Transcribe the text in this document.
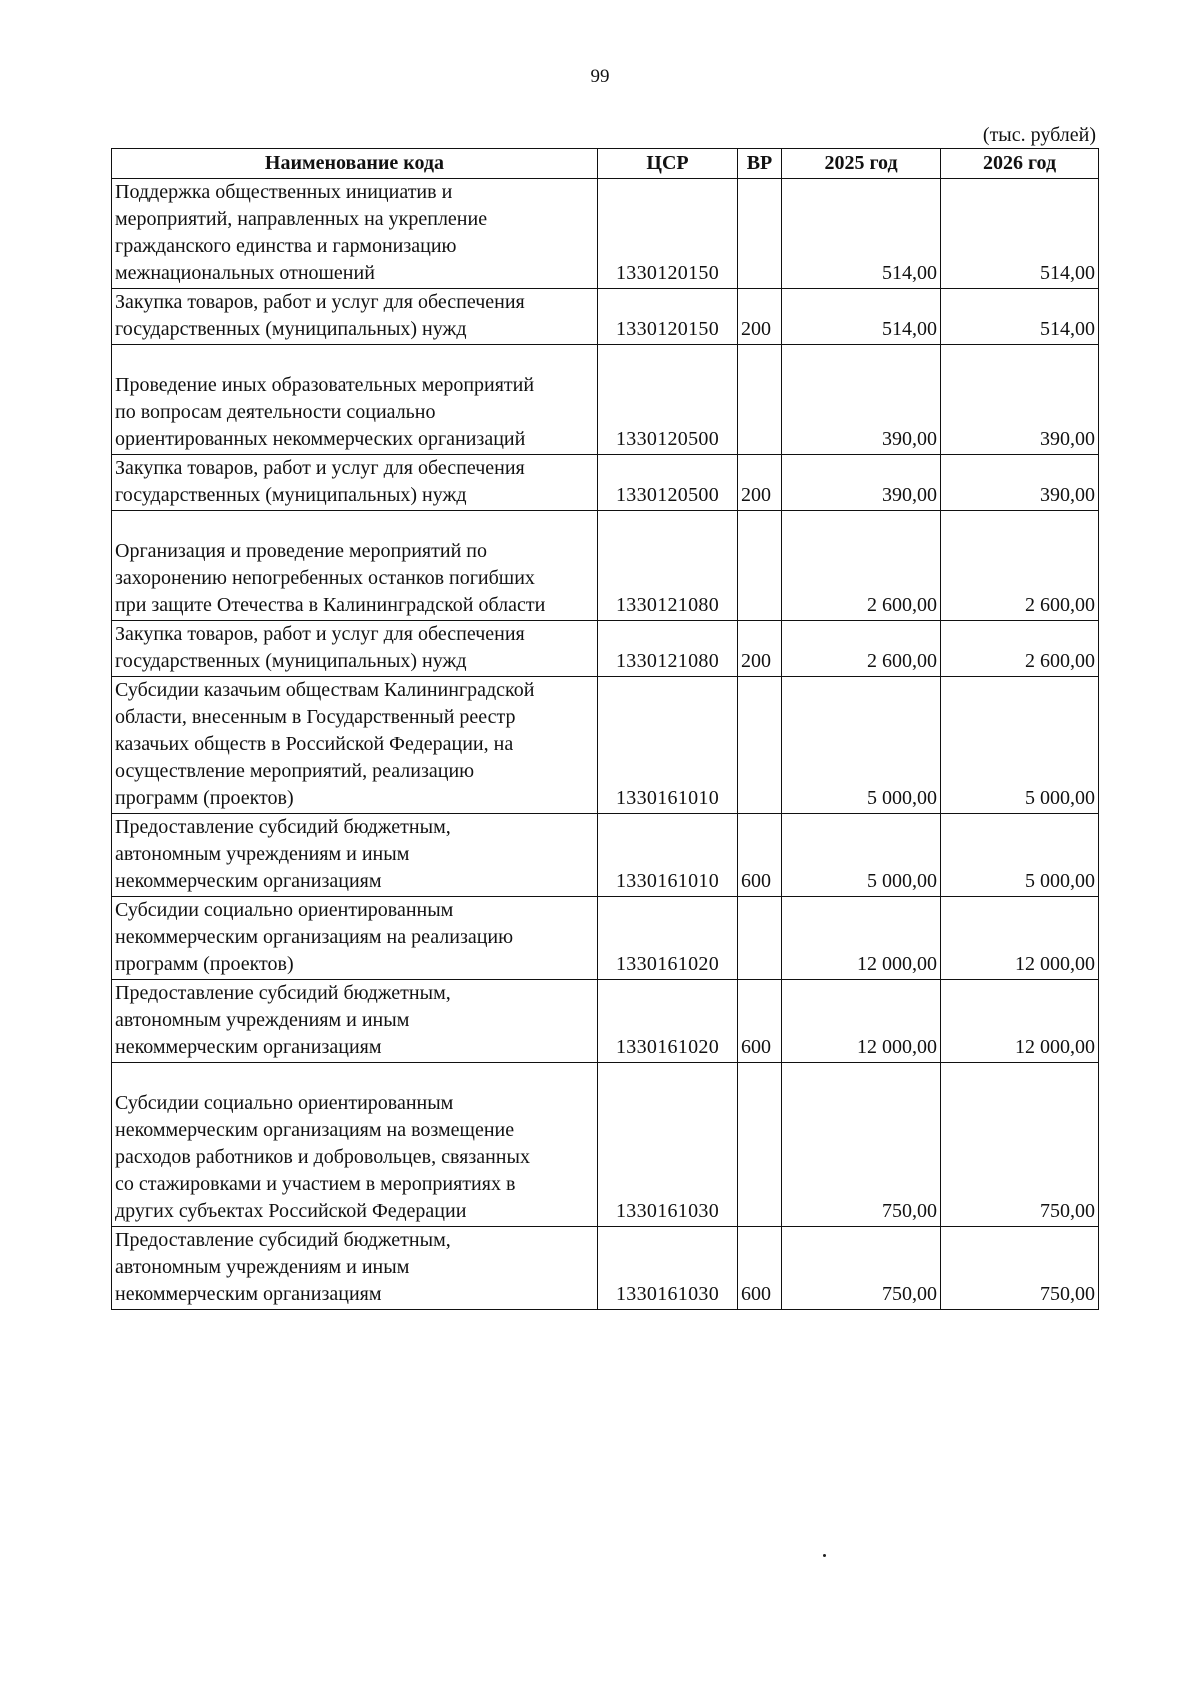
99
(тыс. рублей)
Наименование кода	ЦСР	ВР	2025 год	2026 год
Поддержка общественных инициатив и
мероприятий, направленных на укрепление
гражданского единства и гармонизацию
межнациональных отношений	1330120150		514,00	514,00
Закупка товаров, работ и услуг для обеспечения
государственных (муниципальных) нужд	1330120150	200	514,00	514,00

Проведение иных образовательных мероприятий
по вопросам деятельности социально
ориентированных некоммерческих организаций	1330120500		390,00	390,00
Закупка товаров, работ и услуг для обеспечения
государственных (муниципальных) нужд	1330120500	200	390,00	390,00

Организация и проведение мероприятий по
захоронению непогребенных останков погибших
при защите Отечества в Калининградской области	1330121080		2 600,00	2 600,00
Закупка товаров, работ и услуг для обеспечения
государственных (муниципальных) нужд	1330121080	200	2 600,00	2 600,00
Субсидии казачьим обществам Калининградской
области, внесенным в Государственный реестр
казачьих обществ в Российской Федерации, на
осуществление мероприятий, реализацию
программ (проектов)	1330161010		5 000,00	5 000,00
Предоставление субсидий бюджетным,
автономным учреждениям и иным
некоммерческим организациям	1330161010	600	5 000,00	5 000,00
Субсидии социально ориентированным
некоммерческим организациям на реализацию
программ (проектов)	1330161020		12 000,00	12 000,00
Предоставление субсидий бюджетным,
автономным учреждениям и иным
некоммерческим организациям	1330161020	600	12 000,00	12 000,00

Субсидии социально ориентированным
некоммерческим организациям на возмещение
расходов работников и добровольцев, связанных
со стажировками и участием в мероприятиях в
других субъектах Российской Федерации	1330161030		750,00	750,00
Предоставление субсидий бюджетным,
автономным учреждениям и иным
некоммерческим организациям	1330161030	600	750,00	750,00
